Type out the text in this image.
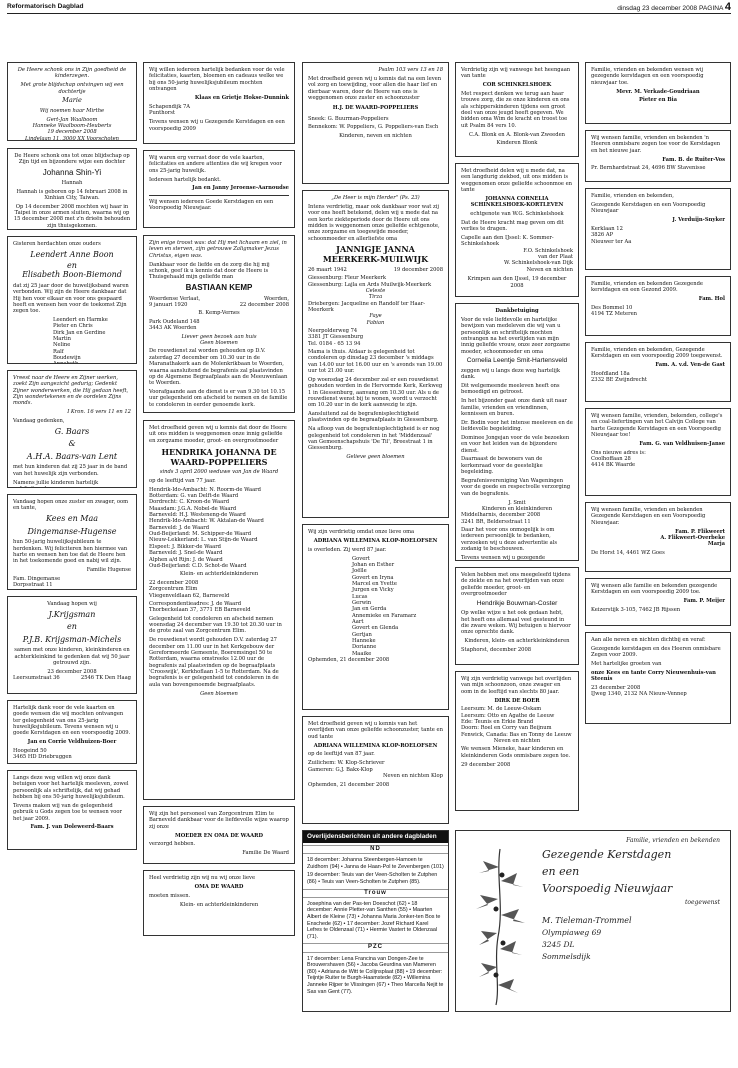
Reformatorisch Dagblad	dinsdag 23 december 2008 PAGINA 4

De Heere schonk ons in Zijn goedheid de kinderzegen.

Met grote blijdschap ontvingen wij een dochtertje

Marie

Wij noemen haar Mirthe

Gert-Jan Waalboom
Hanneke Waalboom-Heuberts
19 december 2008
Lindelaan 11, 3000 XX Voorschoten
De Heere schonk ons tot onze blijdschap op
Zijn tijd en bijzondere wijze een dochter

Johanna Shin-Yi

Hannah

Hannah is geboren op 14 februari 2008 in Xinhian City, Taiwan.

Op 14 december 2008 mochten wij haar in Taipei in onze armen sluiten, waarna wij op 15 december 2008 met z'n drieën behouden zijn thuisgekomen.

Gisteren herdachten onze ouders

Leendert Anne Boon

en

Elisabeth Boon-Biemond

dat zij 25 jaar door de huwelijksband waren verbonden. Wij zijn de Heere dankbaar dat Hij hen voor elkaar en voor ons gespaard heeft en wensen hen voor de toekomst Zijn zegen toe.

Leendert en Harmke
Pieter en Chris
Dirk Jan en Gerdine
Martin
Neline
Ralf
Boudewijn

Vreest naar de Heere en Zijner werken, zoekt Zijn aangezicht gedurig; Gedenkt Zijner wonderwerken, die Hij gedaan heeft, Zijn wondertekenen en de oordelen Zijns monds.

I Kron. 16 vers 11 en 12

Vandaag gedenken,

G. Baars

&

A.H.A. Baars-van Lent

met hun kinderen dat zij 25 jaar in de band van het huwelijk zijn verbonden.

Namens jullie kinderen hartelijk

Vandaag hopen onze zuster en zwager, oom en tante,

Kees en Maa

Dingemanse-Hugense

hun 50-jarig huwelijksjubileum te herdenken. Wij feliciteren hen hiermee van harte en wensen hen toe dat de Heere hen in het toekomende goed en nabij wil zijn.

Familie Hugense

Fam. Dingemanse
Dorpsstraat 11

Vandaag hopen wij

J.Krijgsman

en

P.J.B. Krijgsman-Michels

samen met onze kinderen, kleinkinderen en achterkleinkind te gedenken dat wij 50 jaar getrouwd zijn.

23 december 2008
Leersumstraat 36	2546 TK Den Haag

Hartelijk dank voor de vele kaarten en goede wensen die wij mochten ontvangen ter gelegenheid van ons 25-jarig huwelijksjubileum. Tevens wensen wij u goede Kerstdagen en een voorspoedig 2009.

Jan en Corrie Veldhuizen-Boer

Hoogeind 50
3465 HD Driebruggen

Langs deze weg willen wij onze dank betuigen voor het hartelijk meeleven, zowel persoonlijk als schriftelijk, dat wij gehad hebben bij ons 50-jarig huwelijksjubileum.

Tevens maken wij van de gelegenheid gebruik u Gods zegen toe te wensen voor het jaar 2009.

Fam. J. van Doleweerd-Baars

Wij willen iedereen hartelijk bedanken voor de vele felicitaties, kaarten, bloemen en cadeaus welke we bij ons 50-jarig huwelijksjubileum mochten ontvangen

Klaas en Grietje Hokse-Dunnink

Schapendijk 7A
Punthorst

Tevens wensen wij u Gezegende Kerstdagen en een voorspoedig 2009

Wij waren erg verrast door de vele kaarten, felicitaties en andere attenties die wij kregen voor ons 25-jarig huwelijk.

Iedereen hartelijk bedankt.

Jan en Janny Jeroense-Aarnoudse

Wij wensen iedereen Goede Kerstdagen en een Voorspoedig Nieuwjaar.

Zijn enige troost was: dat Hij met lichaam en ziel, in leven en sterven, zijn getrouwe Zaligmaker Jezus Christus, eigen was.

Dankbaar voor de liefde en de zorg die hij mij schonk, geef ik u kennis dat door de Heere is Thuisgehaald mijn geliefde man

BASTIAAN KEMP

Woerdense Verlaat,	Woerden,
9 januari 1920	22 december 2008

B. Kemp-Vernes

Park Oudeland 148
3443 AK Woerden
Liever geen bezoek aan huis
Geen bloemen

De rouwdienst zal worden gehouden op D.V. zaterdag 27 december om 10.30 uur in de Maranathakerk aan de Molenkrikbaan te Woerden, waarna aansluitend de begrafenis zal plaatsvinden op de Algemene Begraafplaats aan de Meeuwenlaan te Woerden.

Voorafgaande aan de dienst is er van 9.30 tot 10.15 uur gelegenheid om afscheid te nemen en de familie te condoleren in eerder genoemde kerk.

Met droefheid geven wij u kennis dat door de Heere uit ons midden is weggenomen onze innig geliefde en zorgzame moeder, groot- en overgrootmoeder

HENDRIKA JOHANNA DE WAARD-POPPELIERS

sinds 3 april 2000 weduwe van Jan de Waard

op de leeftijd van 77 jaar.

Hendrik-Ido-Ambacht: N. Roorm-de Waard
Botterdam: G. van Delft-de Waard
Dordrecht: C. Kroon-de Waard
Maasdam: J.G.A. Nobel-de Waard
Barneveld: H.J. Westeneng-de Waard
Hendrik-Ido-Ambacht: W. Aktalan-de Waard
Barneveld: J. de Waard
Oud-Beijerland: M. Schipper-de Waard
Nieuw-Lekkerland: L. van Stijn-de Waard
Elspeet: J. Bikker-de Waard
Barneveld: J. Snel-de Waard
Alphen a/d Rijn: J. de Waard
Oud-Beijerland: C.D. Schot-de Waard

Klein- en achterkleinkinderen

22 december 2008
Zorgcentrum Elim
Vliegenveldlaan 62, Barneveld
Correspondentieadres: J. de Waard
Thorbeckelaan 37, 3771 EB Barneveld

Gelegenheid tot condoleren en afscheid nemen woensdag 24 december van 19.30 tot 20.30 uur in de grote zaal van Zorgcentrum Elim.

De rouwdienst wordt gehouden D.V. zaterdag 27 december om 11.00 uur in het Kerkgebouw der Gereformeerde Gemeente, Boeremsingel 50 te Rotterdam, waarna omstreeks 12.00 uur de begrafenis zal plaatsvinden op de begraafplaats 'Crooswijk', Kerkhoflaan 1-5 te Rotterdam. Na de begrafenis is er gelegenheid tot condoleren in de aula van bovengenoemde begraafplaats.

Geen bloemen

Wij zijn het personeel van Zorgcentrum Elim te Barneveld dankbaar voor de liefdevolle wijze waarop zij onze

MOEDER EN OMA DE WAARD

verzorgd hebben.

Familie De Waard

Heel verdrietig zijn wij nu wij onze lieve

OMA DE WAARD

moeten missen.

Klein- en achterkleinkinderen

Psalm 103 vers 13 en 18

Met droefheid geven wij u kennis dat na een leven vol zorg en toewijding, voor allen die haar lief en dierbaar waren, door de Heere van ons is weggenomen onze zuster en schoonzuster

H.J. DE WAARD-POPPELIERS

Sneek: G. Buurman-Poppeliers

Bennekom: W. Poppeliers, G. Poppeliers-van Esch

Kinderen, neven en nichten

„De Heer is mijn Herder" (Ps. 23)

Intens verdrietig, maar ook dankbaar voor wat zij voor ons heeft betekend, delen wij u mede dat na een korte ziekteperiode door de Heere uit ons midden is weggenomen onze geliefde echtgenote, onze zorgzame en toegewijde moeder, schoonmoeder en allerliefste oma

JANNIGJE JANNA MEERKERK-MUILWIJK

26 maart 1942	19 december 2008
Giessenburg: Fleur Meerkerk
Giessenburg: Lajla en Ards Muilwijk-Meerkerk
Celeste
Tirza
Driebergen: Jacqueline en Randolf ter Haar-Meerkerk
Faye
Fabian
Neerpolderweg 74
3381 JT Giessenburg
Tel. 0184 - 65 13 94

Mama is thuis. Aldaar is gelegenheid tot condoleren op dinsdag 23 december 's middags van 14.00 uur tot 16.00 uur en 's avonds van 19.00 uur tot 21.00 uur.

Op woensdag 24 december zal er een rouwdienst gehouden worden in de Hervormde Kerk, Kerkweg 1 in Giessenburg, aanvang om 10.30 uur. Als u de rouwdienst wenst bij te wonen, wordt u verzocht om 10.20 uur in de kerk aanwezig te zijn.

Aansluitend zal de begrafenisplechtigheid plaatsvinden op de begraafplaats in Giessenburg.

Na afloop van de begrafenisplechtigheid is er nog gelegenheid tot condoleren in het 'Middenzaal' van Gemeenschapshuis 'De Til', Breestraat 1 in Giessenburg.

Gelieve geen bloemen

Wij zijn verdrietig omdat onze lieve oma

ADRIANA WILLEMINA KLOP-ROELOFSEN

is overleden. Zij werd 87 jaar.

Govert
Johan en Esther
Joëlle
Govert en Iryna
Marcel en Yvette
Jurgen en Vicky
Lucas
Gerwin
Jan en Gerda
Annemieke en Faramarz
Aart
Govert en Glenda
Gertjan
Hanneke
Dorianne
Maaike
Ophemden, 21 december 2008

Met droefheid geven wij u kennis van het overlijden van onze geliefde schoonzuster, tante en oud tante

ADRIANA WILLEMINA KLOP-ROELOFSEN

op de leeftijd van 87 jaar.

Zuilichem: W. Klop-Schriever
Gameren: G.J. Bakx-Klop
Neven en nichten Klop
Ophemden, 21 december 2008
Overlijdensberichten uit andere dagbladen
ND
18 december: Johanna Steenbergen-Hamoen te Zuidhorn (94) • Janna de Haan-Pol te Zevenbergen (101)
19 december: Teuis van der Veen-Scholten te Zutphen (86) • Teuis van Veen-Scholten te Zutphen (85).
Trouw
Josephina van der Pas-ten Doeschot (62) • 18 december: Annie Pletter-van Santhen (55) • Maarten Albert de Kleine (73) • Johanna Maria Jonker-ten Bos te Enschede (62) • 17 december: Jozef Richard Karel Lefres te Oldenzaal (71) • Hermie Vastert te Oldenzaal (71).
PZC
17 december: Lena Francina van Dongen-Zee te Brouwershaven (56) • Jacoba Geurdina van Mameren (80) • Adriana de Witt te Colijnsplaat (88) • 19 december: Teijntje Ruiter te Burgh-Haamstede (82) • Willemina Janneke Rijper te Vlissingen (67) • Theo Marcella Nejit te Sas van Gent (77).

Verdrietig zijn wij vanwege het heengaan van tante

COR SCHINKELSHOEK

Met respect denken we terug aan haar trouwe zorg, die ze onze kinderen en ons als schipperskinderen tijdens een groot deel van onze jeugd heeft gegeven. We bidden oma Wim de kracht en troost toe uit Psalm 84 vers 10.

C.A. Blonk en A. Blonk-van Zweeden

Kinderen Blonk

Met droefheid delen wij u mede dat, na een langdurig ziekbed, uit ons midden is weggenomen onze geliefde schoonmoe en tante

JOHANNA CORNELIA SCHINKELSHOEK-KORTLEVEN

echtgenote van W.G. Schinkelshoek

Dat de Heere kracht mag geven om dit verlies te dragen.

Capelle aan den IJssel: K. Sommer-Schinkelshoek
F.O. Schinkelshoek
van der Plaat
W. Schinkelshoek-van Dijk
Neven en nichten

Krimpen aan den IJssel, 19 december 2008

Dankbetuiging

Voor de vele liefdevolle en hartelijke bewijzen van medeleven die wij van u persoonlijk en schriftelijk mochten ontvangen na het overlijden van mijn innig geliefde vrouw, onze zeer zorgzame moeder, schoonmoeder en oma

Cornelia Leentje Smit-Hartensveld

zeggen wij u langs deze weg hartelijk dank.

Dit welgemeende meeleven heeft ons bemoedigd en getroost.

In het bijzonder gaat onze dank uit naar familie, vrienden en vriendinnen, kennissen en buren.

Dr. Bodin voor het intense meeleven en de liefdevolle begeleiding.

Dominee Jongejan voor de vele bezoeken en voor het leiden van de bijzondere dienst.

Daarnaast de bewoners van de kerkenraad voor de geestelijke begeleiding.

Begrafenisvereniging Van Wageningen voor de goede en respectvolle verzorging van de begrafenis.

J. Smit
Kinderen en kleinkinderen
Middelharnis, december 2008
3241 BR, Beldersstraat 11

Daar het voor ons onmogelijk is om iedereen persoonlijk te bedanken, verzoeken wij u deze advertentie als zodanig te beschouwen.

Tevens wensen wij u gezegende

Velen hebben met ons meegeleefd tijdens de ziekte en na het overlijden van onze geliefde moeder, groot- en overgrootmoeder

Hendrikje Bouwman-Coster

Op welke wijze u het ook gedaan hebt, het heeft ons allemaal veel gesteund in die zware weken. Wij betuigen u hiervoor onze oprechte dank.

Kinderen, klein- en achterkleinkinderen

Staphorst, december 2008

Wij zijn verdrietig vanwege het overlijden van mijn schoonzoon, onze zwager en oom in de leeftijd van slechts 80 jaar.

DIRK DE BOER

Leersum: M. de Leeuw-Oskam
Leersum: Otto en Agathe de Leeuw
Ede: Teunis en Erkie Brand
Doorn: Roel en Corry van Beijnum
Fenwick, Canada: Bas en Tonny de Leeuw
Neven en nichten

We wensen Mieneke, haar kinderen en kleinkinderen Gods onmisbare zegen toe.

29 december 2008

Familie, vrienden en bekenden wensen wij gezegende kerstdagen en een voorspoedig nieuwjaar toe.

Mevr. M. Verkade-Goudriaan

Pieter en Bia

Wij wensen familie, vrienden en bekenden 'n Heeren onmisbare zegen toe voor de Kerstdagen en het nieuwe jaar.

Fam. B. de Ruiter-Vos

Pr. Bernhardstraat 24, 4696 BW Stavenisse

Familie, vrienden en bekenden,

Gezegende Kerstdagen en een Voorspoedig Nieuwjaar

J. Verduijn-Snyker

Kerklaan 12
3826 AP
Nieuwer ter Aa

Familie, vrienden en bekenden Gezegende kerstdagen en een Gezond 2009.

Fam. Hol

Des Bommel 10
4194 TZ Meteren

Familie, vrienden en bekenden, Gezegende Kerstdagen en een voorspoedig 2009 toegewenst.

Fam. A. v.d. Ven-de Gast

Hoofdland 18a
2332 BE Zwijndrecht

Wij wensen familie, vrienden, bekenden, college's en coal-liefertingen van het Calvijn College van harte Gezegende Kerstdagen en een Voorspoedig Nieuwjaar toe!

Fam. G. van Veldhuisen-Janse

Ons nieuwe adres is:
Coolhoffaan 28
4414 BK Waarde

Wij wensen familie, vrienden en bekenden Gezegende Kerstdagen en een Voorspoedig Nieuwjaar.

Fam. P. Flikweert

A. Flikweert-Overbeke

Marja

De Horst 14, 4461 WZ Goes

Wij wensen alle familie en bekenden gezegende Kerstdagen en een voorspoedig 2009 toe.

Fam. P. Meijer

Keizerstijk 3-105, 7462 JB Rijssen

Aan alle neven en nichten dichtbij en veraf:

Gezegende kerstdagen en des Heeren onmisbare Zegen voor 2009.

Met hartelijke groeten van

onze Kees en tante Corry Nieuwenhuis-van Steenis

23 december 2008
IJweg 1340, 2132 NA Nieuw-Vennep

Familie, vrienden en bekenden

Gezegende Kerstdagen

en een

Voorspoedig Nieuwjaar

toegewenst

M. Tieleman-Trommel

Olympiaweg 69

3245 DL

Sommelsdijk
